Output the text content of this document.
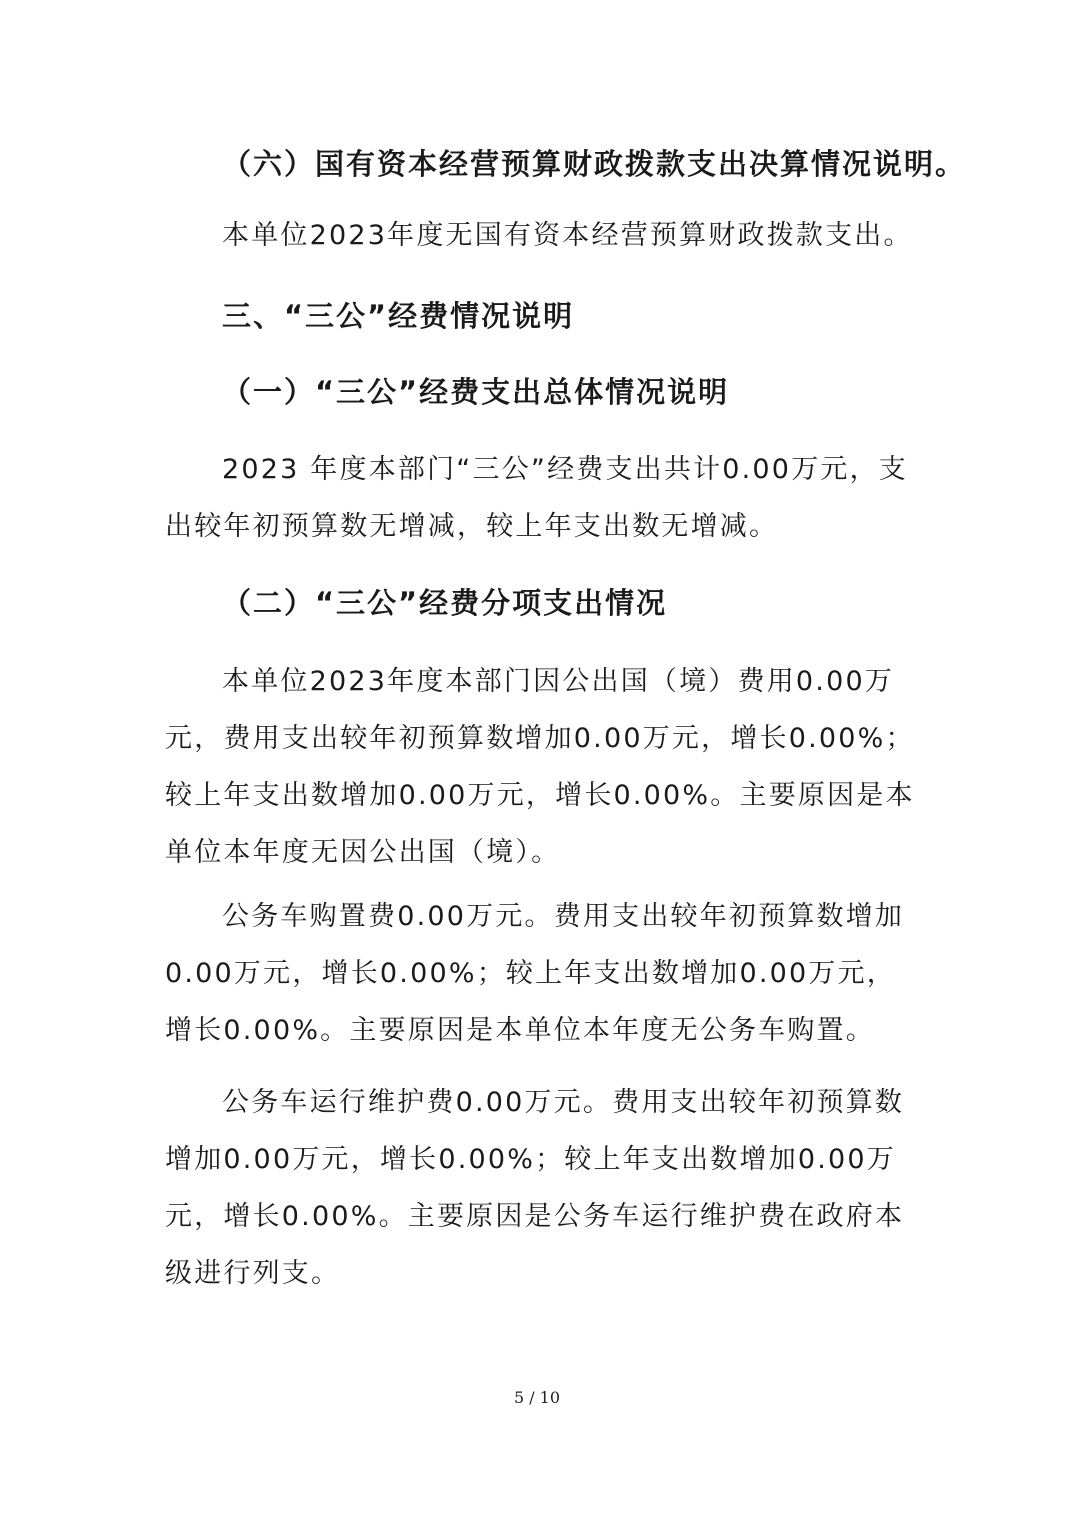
（六）国有资本经营预算财政拨款支出决算情况说明。

本单位2023年度无国有资本经营预算财政拨款支出。

三、“三公”经费情况说明
（一）“三公”经费支出总体情况说明

2023 年度本部门“三公”经费支出共计0.00万元，支出较年初预算数无增减，较上年支出数无增减。

（二）“三公”经费分项支出情况

本单位2023年度本部门因公出国（境）费用0.00万元，费用支出较年初预算数增加0.00万元，增长0.00%；较上年支出数增加0.00万元，增长0.00%。主要原因是本单位本年度无因公出国（境）。

公务车购置费0.00万元。费用支出较年初预算数增加0.00万元，增长0.00%；较上年支出数增加0.00万元，增长0.00%。主要原因是本单位本年度无公务车购置。

公务车运行维护费0.00万元。费用支出较年初预算数增加0.00万元，增长0.00%；较上年支出数增加0.00万元，增长0.00%。主要原因是公务车运行维护费在政府本级进行列支。

5 / 10
